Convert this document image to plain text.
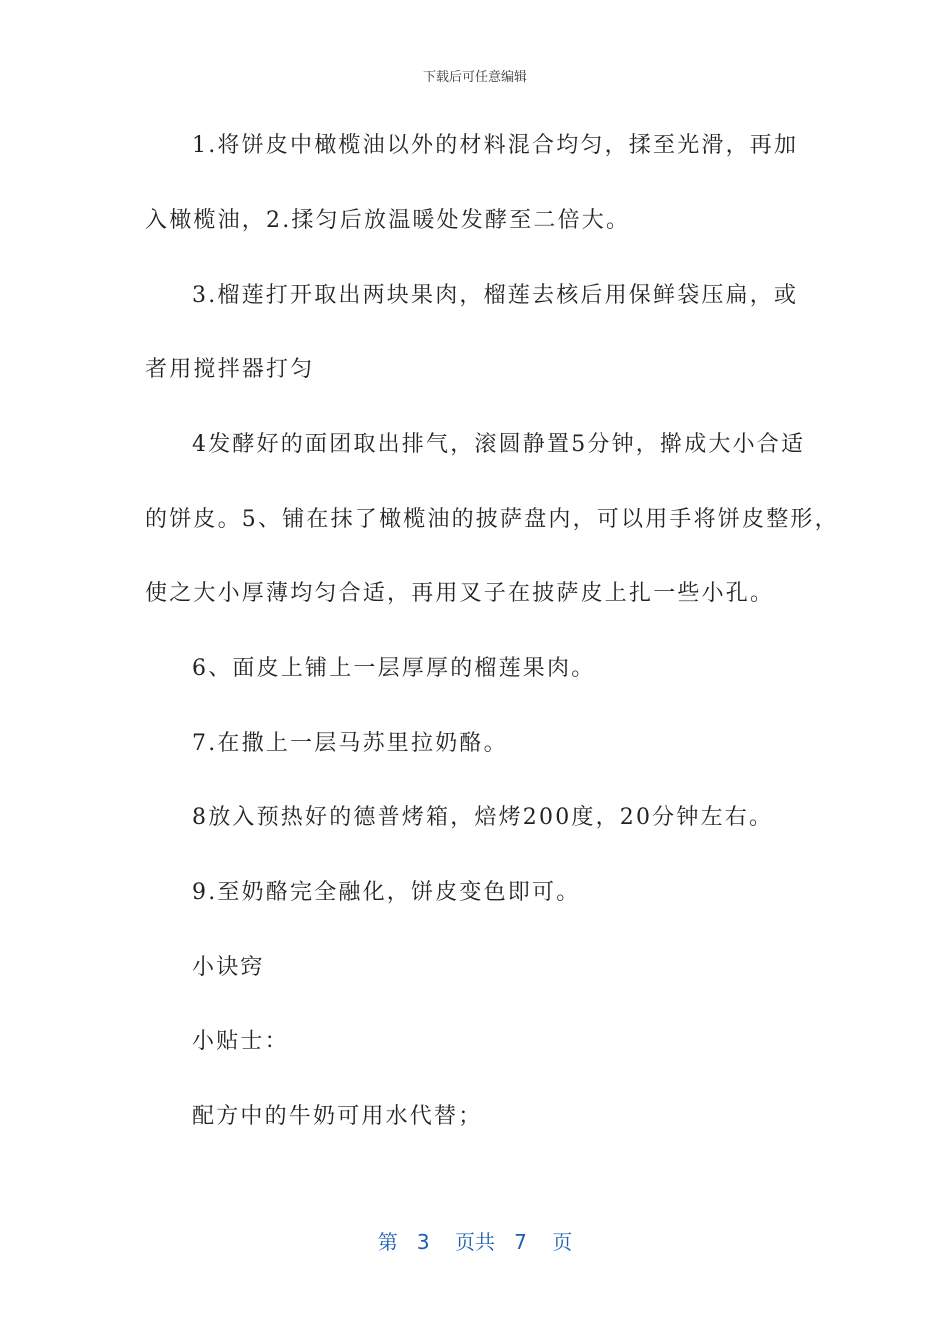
下载后可任意编辑
1.将饼皮中橄榄油以外的材料混合均匀，揉至光滑，再加
入橄榄油，2.揉匀后放温暖处发酵至二倍大。
3.榴莲打开取出两块果肉，榴莲去核后用保鲜袋压扁，或
者用搅拌器打匀
4发酵好的面团取出排气，滚圆静置5分钟，擀成大小合适
的饼皮。5、铺在抹了橄榄油的披萨盘内，可以用手将饼皮整形，
使之大小厚薄均匀合适，再用叉子在披萨皮上扎一些小孔。
6、面皮上铺上一层厚厚的榴莲果肉。
7.在撒上一层马苏里拉奶酪。
8放入预热好的德普烤箱，焙烤200度，20分钟左右。
9.至奶酪完全融化，饼皮变色即可。
小诀窍
小贴士：
配方中的牛奶可用水代替；
第 3 页共 7 页
